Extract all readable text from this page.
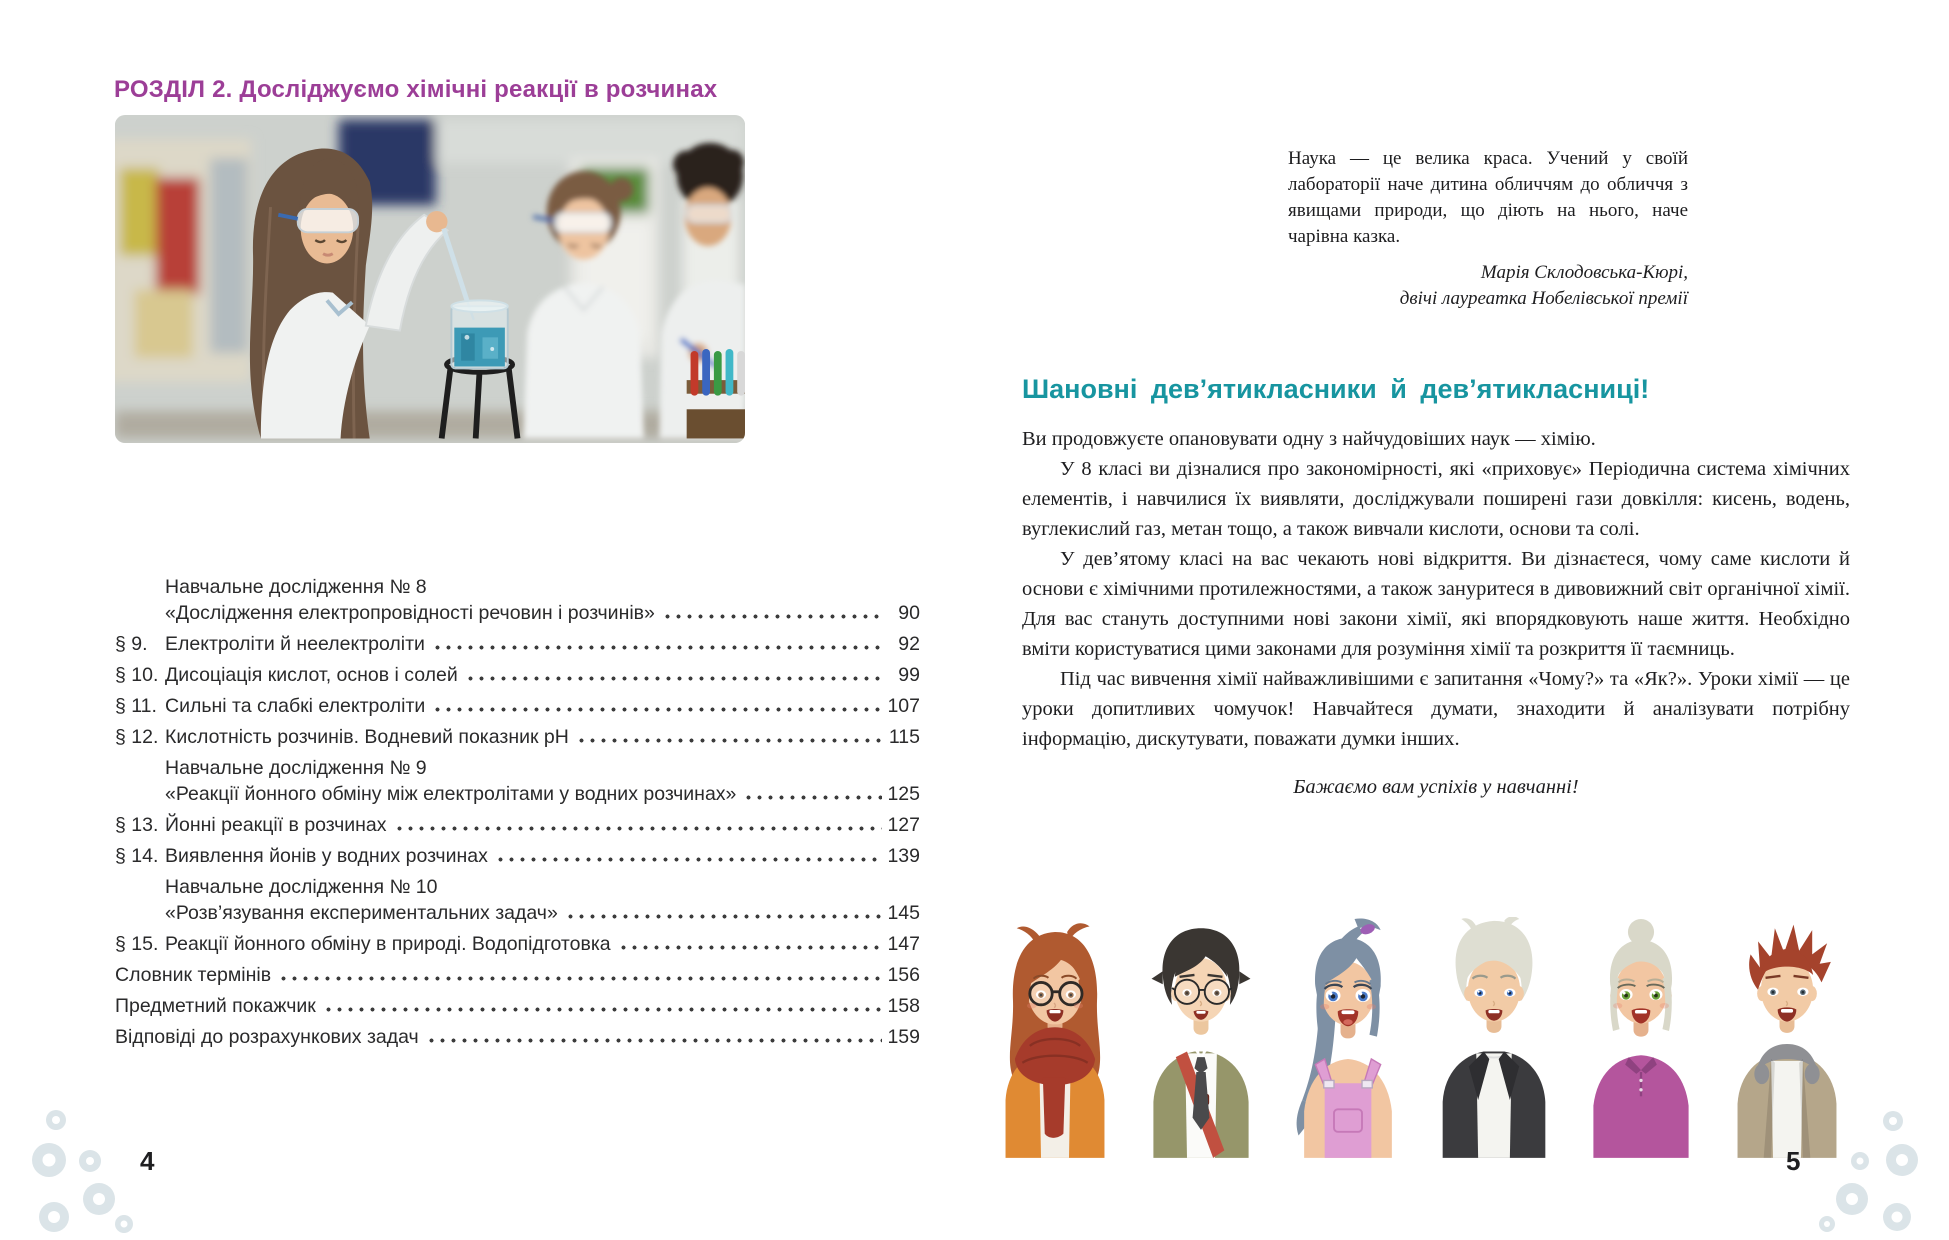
РОЗДІЛ 2. Досліджуємо хімічні реакції в розчинах
Навчальне дослідження № 8
«Дослідження електропровідності речовин і розчинів»	90
§ 9. Електроліти й неелектроліти	92
§ 10. Дисоціація кислот, основ і солей	99
§ 11. Сильні та слабкі електроліти	107
§ 12. Кислотність розчинів. Водневий показник pH	115
Навчальне дослідження № 9
«Реакції йонного обміну між електролітами у водних розчинах»	125
§ 13. Йонні реакції в розчинах	127
§ 14. Виявлення йонів у водних розчинах	139
Навчальне дослідження № 10
«Розв’язування експериментальних задач»	145
§ 15. Реакції йонного обміну в природі. Водопідготовка	147
Словник термінів	156
Предметний покажчик	158
Відповіді до розрахункових задач	159
4
Наука — це велика краса. Учений у своїй лабораторії наче дитина обличчям до обличчя з явищами природи, що діють на нього, наче чарівна казка.
Марія Склодовська-Кюрі,
двічі лауреатка Нобелівської премії
Шановні дев’ятикласники й дев’ятикласниці!

Ви продовжуєте опановувати одну з найчудовіших наук — хімію.

У 8 класі ви дізналися про закономірності, які «приховує» Періодична система хімічних елементів, і навчилися їх виявляти, досліджували поширені гази довкілля: кисень, водень, вуглекислий газ, метан тощо, а також вивчали кислоти, основи та солі.

У дев’ятому класі на вас чекають нові відкриття. Ви дізнаєтеся, чому саме кислоти й основи є хімічними протилежностями, а також зануритеся в дивовижний світ органічної хімії. Для вас стануть доступними нові закони хімії, які впорядковують наше життя. Необхідно вміти користуватися цими законами для розуміння хімії та розкриття її таємниць.

Під час вивчення хімії найважливішими є запитання «Чому?» та «Як?». Уроки хімії — це уроки допитливих чомучок! Навчайтеся думати, знаходити й аналізувати потрібну інформацію, дискутувати, поважати думки інших.

Бажаємо вам успіхів у навчанні!
5
